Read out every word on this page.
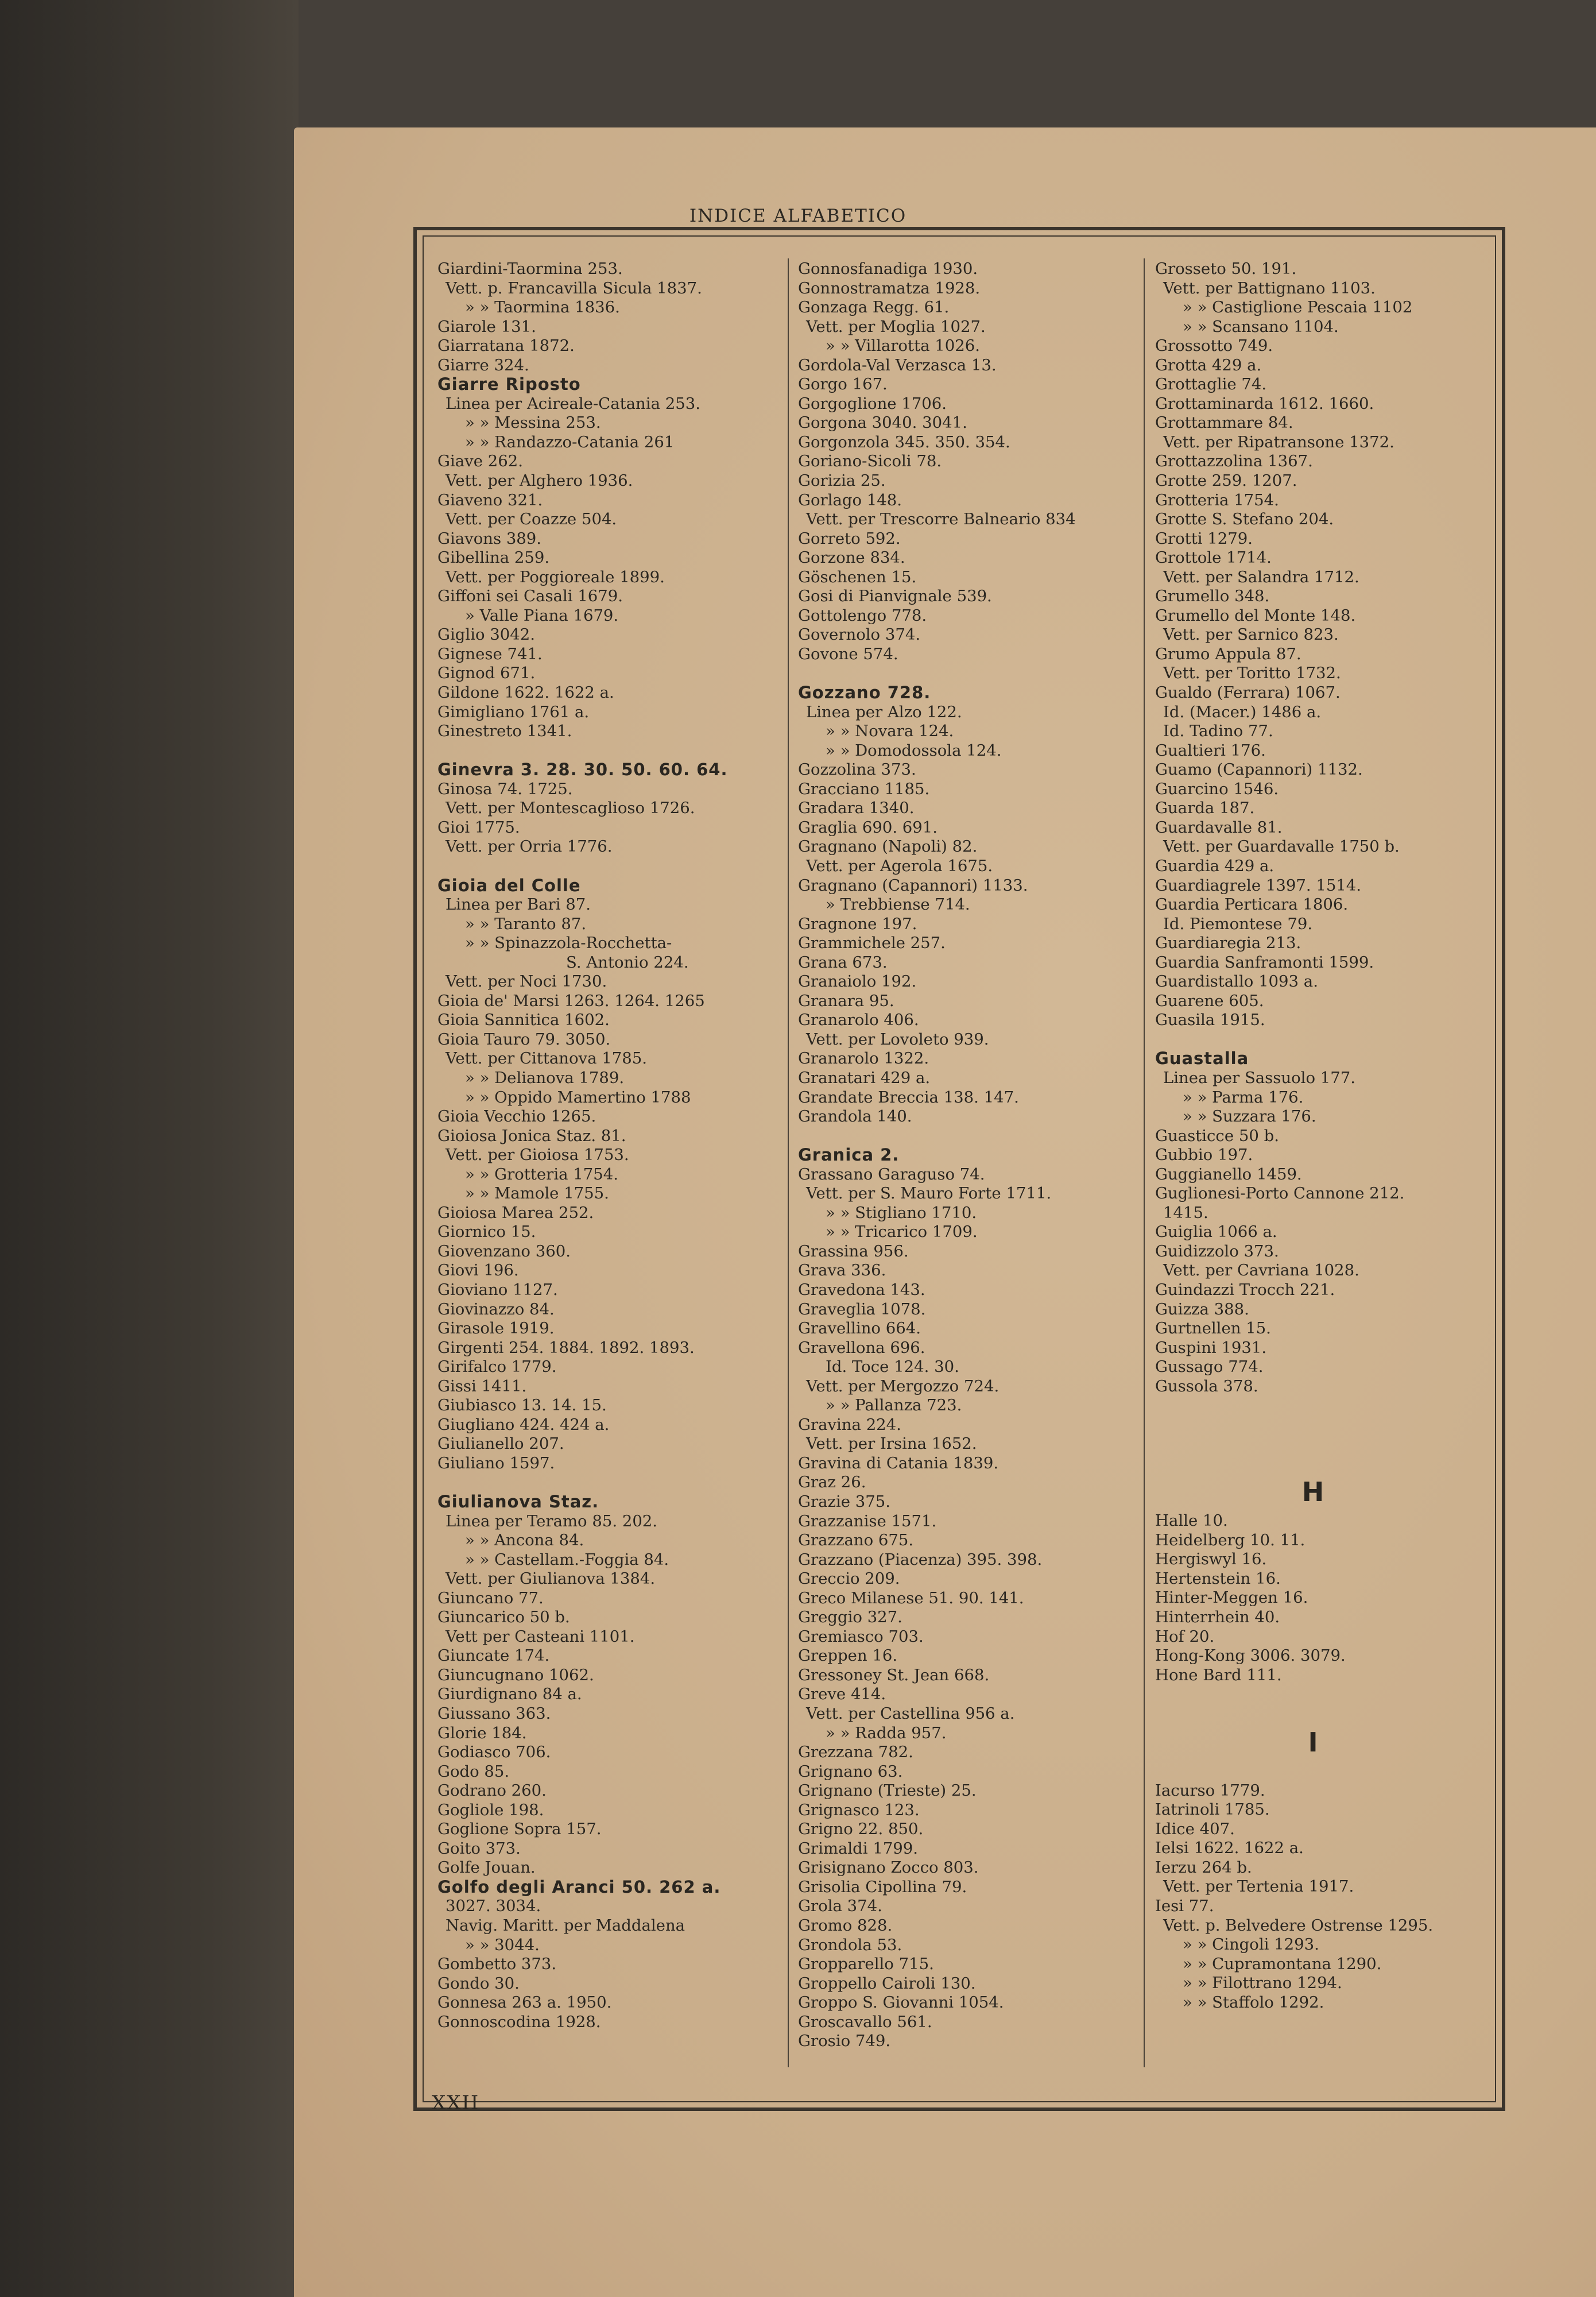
INDICE ALFABETICO
Giardini-Taormina 253.
Vett. p. Francavilla Sicula 1837.
» » Taormina 1836.
Giarole 131.
Giarratana 1872.
Giarre 324.
Giarre Riposto
Linea per Acireale-Catania 253.
» » Messina 253.
» » Randazzo-Catania 261
Giave 262.
Vett. per Alghero 1936.
Giaveno 321.
Vett. per Coazze 504.
Giavons 389.
Gibellina 259.
Vett. per Poggioreale 1899.
Giffoni sei Casali 1679.
» Valle Piana 1679.
Giglio 3042.
Gignese 741.
Gignod 671.
Gildone 1622. 1622 a.
Gimigliano 1761 a.
Ginestreto 1341.
Ginevra 3. 28. 30. 50. 60. 64.
Ginosa 74. 1725.
Vett. per Montescaglioso 1726.
Gioi 1775.
Vett. per Orria 1776.
Gioia del Colle
Linea per Bari 87.
» » Taranto 87.
» » Spinazzola-Rocchetta-
S. Antonio 224.
Vett. per Noci 1730.
Gioia de' Marsi 1263. 1264. 1265
Gioia Sannitica 1602.
Gioia Tauro 79. 3050.
Vett. per Cittanova 1785.
» » Delianova 1789.
» » Oppido Mamertino 1788
Gioia Vecchio 1265.
Gioiosa Jonica Staz. 81.
Vett. per Gioiosa 1753.
» » Grotteria 1754.
» » Mamole 1755.
Gioiosa Marea 252.
Giornico 15.
Giovenzano 360.
Giovi 196.
Gioviano 1127.
Giovinazzo 84.
Girasole 1919.
Girgenti 254. 1884. 1892. 1893.
Girifalco 1779.
Gissi 1411.
Giubiasco 13. 14. 15.
Giugliano 424. 424 a.
Giulianello 207.
Giuliano 1597.
Giulianova Staz.
Linea per Teramo 85. 202.
» » Ancona 84.
» » Castellam.-Foggia 84.
Vett. per Giulianova 1384.
Giuncano 77.
Giuncarico 50 b.
Vett per Casteani 1101.
Giuncate 174.
Giuncugnano 1062.
Giurdignano 84 a.
Giussano 363.
Glorie 184.
Godiasco 706.
Godo 85.
Godrano 260.
Gogliole 198.
Goglione Sopra 157.
Goito 373.
Golfe Jouan.
Golfo degli Aranci 50. 262 a.
3027. 3034.
Navig. Maritt. per Maddalena
» » 3044.
Gombetto 373.
Gondo 30.
Gonnesa 263 a. 1950.
Gonnoscodina 1928.
Gonnosfanadiga 1930.
Gonnostramatza 1928.
Gonzaga Regg. 61.
Vett. per Moglia 1027.
» » Villarotta 1026.
Gordola-Val Verzasca 13.
Gorgo 167.
Gorgoglione 1706.
Gorgona 3040. 3041.
Gorgonzola 345. 350. 354.
Goriano-Sicoli 78.
Gorizia 25.
Gorlago 148.
Vett. per Trescorre Balneario 834
Gorreto 592.
Gorzone 834.
Göschenen 15.
Gosi di Pianvignale 539.
Gottolengo 778.
Governolo 374.
Govone 574.
Gozzano 728.
Linea per Alzo 122.
» » Novara 124.
» » Domodossola 124.
Gozzolina 373.
Gracciano 1185.
Gradara 1340.
Graglia 690. 691.
Gragnano (Napoli) 82.
Vett. per Agerola 1675.
Gragnano (Capannori) 1133.
» Trebbiense 714.
Gragnone 197.
Grammichele 257.
Grana 673.
Granaiolo 192.
Granara 95.
Granarolo 406.
Vett. per Lovoleto 939.
Granarolo 1322.
Granatari 429 a.
Grandate Breccia 138. 147.
Grandola 140.
Granica 2.
Grassano Garaguso 74.
Vett. per S. Mauro Forte 1711.
» » Stigliano 1710.
» » Tricarico 1709.
Grassina 956.
Grava 336.
Gravedona 143.
Graveglia 1078.
Gravellino 664.
Gravellona 696.
Id. Toce 124. 30.
Vett. per Mergozzo 724.
» » Pallanza 723.
Gravina 224.
Vett. per Irsina 1652.
Gravina di Catania 1839.
Graz 26.
Grazie 375.
Grazzanise 1571.
Grazzano 675.
Grazzano (Piacenza) 395. 398.
Greccio 209.
Greco Milanese 51. 90. 141.
Greggio 327.
Gremiasco 703.
Greppen 16.
Gressoney St. Jean 668.
Greve 414.
Vett. per Castellina 956 a.
» » Radda 957.
Grezzana 782.
Grignano 63.
Grignano (Trieste) 25.
Grignasco 123.
Grigno 22. 850.
Grimaldi 1799.
Grisignano Zocco 803.
Grisolia Cipollina 79.
Grola 374.
Gromo 828.
Grondola 53.
Gropparello 715.
Groppello Cairoli 130.
Groppo S. Giovanni 1054.
Groscavallo 561.
Grosio 749.
Grosseto 50. 191.
Vett. per Battignano 1103.
» » Castiglione Pescaia 1102
» » Scansano 1104.
Grossotto 749.
Grotta 429 a.
Grottaglie 74.
Grottaminarda 1612. 1660.
Grottammare 84.
Vett. per Ripatransone 1372.
Grottazzolina 1367.
Grotte 259. 1207.
Grotteria 1754.
Grotte S. Stefano 204.
Grotti 1279.
Grottole 1714.
Vett. per Salandra 1712.
Grumello 348.
Grumello del Monte 148.
Vett. per Sarnico 823.
Grumo Appula 87.
Vett. per Toritto 1732.
Gualdo (Ferrara) 1067.
Id. (Macer.) 1486 a.
Id. Tadino 77.
Gualtieri 176.
Guamo (Capannori) 1132.
Guarcino 1546.
Guarda 187.
Guardavalle 81.
Vett. per Guardavalle 1750 b.
Guardia 429 a.
Guardiagrele 1397. 1514.
Guardia Perticara 1806.
Id. Piemontese 79.
Guardiaregia 213.
Guardia Sanframonti 1599.
Guardistallo 1093 a.
Guarene 605.
Guasila 1915.
Guastalla
Linea per Sassuolo 177.
» » Parma 176.
» » Suzzara 176.
Guasticce 50 b.
Gubbio 197.
Guggianello 1459.
Guglionesi-Porto Cannone 212.
1415.
Guiglia 1066 a.
Guidizzolo 373.
Vett. per Cavriana 1028.
Guindazzi Trocch 221.
Guizza 388.
Gurtnellen 15.
Guspini 1931.
Gussago 774.
Gussola 378.
H
Halle 10.
Heidelberg 10. 11.
Hergiswyl 16.
Hertenstein 16.
Hinter-Meggen 16.
Hinterrhein 40.
Hof 20.
Hong-Kong 3006. 3079.
Hone Bard 111.
I
Iacurso 1779.
Iatrinoli 1785.
Idice 407.
Ielsi 1622. 1622 a.
Ierzu 264 b.
Vett. per Tertenia 1917.
Iesi 77.
Vett. p. Belvedere Ostrense 1295.
» » Cingoli 1293.
» » Cupramontana 1290.
» » Filottrano 1294.
» » Staffolo 1292.
XXII
